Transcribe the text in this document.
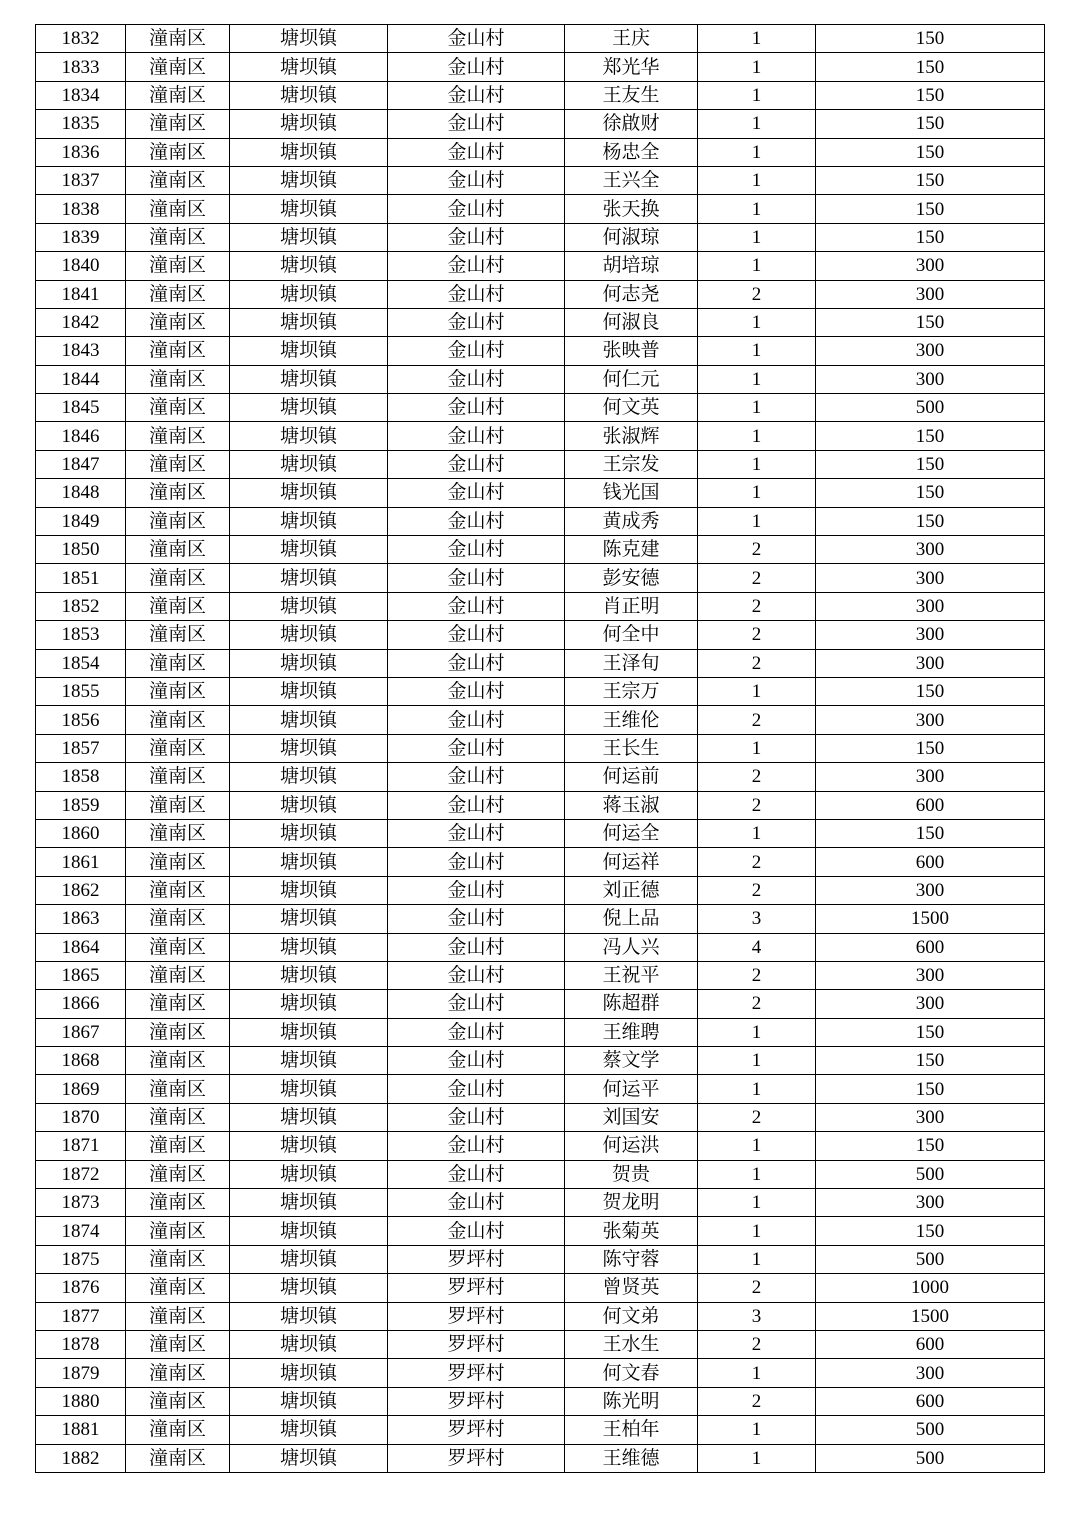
1832	潼南区	塘坝镇	金山村	王庆	1	150
1833	潼南区	塘坝镇	金山村	郑光华	1	150
1834	潼南区	塘坝镇	金山村	王友生	1	150
1835	潼南区	塘坝镇	金山村	徐啟财	1	150
1836	潼南区	塘坝镇	金山村	杨忠全	1	150
1837	潼南区	塘坝镇	金山村	王兴全	1	150
1838	潼南区	塘坝镇	金山村	张天换	1	150
1839	潼南区	塘坝镇	金山村	何淑琼	1	150
1840	潼南区	塘坝镇	金山村	胡培琼	1	300
1841	潼南区	塘坝镇	金山村	何志尧	2	300
1842	潼南区	塘坝镇	金山村	何淑良	1	150
1843	潼南区	塘坝镇	金山村	张映普	1	300
1844	潼南区	塘坝镇	金山村	何仁元	1	300
1845	潼南区	塘坝镇	金山村	何文英	1	500
1846	潼南区	塘坝镇	金山村	张淑辉	1	150
1847	潼南区	塘坝镇	金山村	王宗发	1	150
1848	潼南区	塘坝镇	金山村	钱光国	1	150
1849	潼南区	塘坝镇	金山村	黄成秀	1	150
1850	潼南区	塘坝镇	金山村	陈克建	2	300
1851	潼南区	塘坝镇	金山村	彭安德	2	300
1852	潼南区	塘坝镇	金山村	肖正明	2	300
1853	潼南区	塘坝镇	金山村	何全中	2	300
1854	潼南区	塘坝镇	金山村	王泽旬	2	300
1855	潼南区	塘坝镇	金山村	王宗万	1	150
1856	潼南区	塘坝镇	金山村	王维伦	2	300
1857	潼南区	塘坝镇	金山村	王长生	1	150
1858	潼南区	塘坝镇	金山村	何运前	2	300
1859	潼南区	塘坝镇	金山村	蒋玉淑	2	600
1860	潼南区	塘坝镇	金山村	何运全	1	150
1861	潼南区	塘坝镇	金山村	何运祥	2	600
1862	潼南区	塘坝镇	金山村	刘正德	2	300
1863	潼南区	塘坝镇	金山村	倪上品	3	1500
1864	潼南区	塘坝镇	金山村	冯人兴	4	600
1865	潼南区	塘坝镇	金山村	王祝平	2	300
1866	潼南区	塘坝镇	金山村	陈超群	2	300
1867	潼南区	塘坝镇	金山村	王维聘	1	150
1868	潼南区	塘坝镇	金山村	蔡文学	1	150
1869	潼南区	塘坝镇	金山村	何运平	1	150
1870	潼南区	塘坝镇	金山村	刘国安	2	300
1871	潼南区	塘坝镇	金山村	何运洪	1	150
1872	潼南区	塘坝镇	金山村	贺贵	1	500
1873	潼南区	塘坝镇	金山村	贺龙明	1	300
1874	潼南区	塘坝镇	金山村	张菊英	1	150
1875	潼南区	塘坝镇	罗坪村	陈守蓉	1	500
1876	潼南区	塘坝镇	罗坪村	曾贤英	2	1000
1877	潼南区	塘坝镇	罗坪村	何文弟	3	1500
1878	潼南区	塘坝镇	罗坪村	王水生	2	600
1879	潼南区	塘坝镇	罗坪村	何文春	1	300
1880	潼南区	塘坝镇	罗坪村	陈光明	2	600
1881	潼南区	塘坝镇	罗坪村	王柏年	1	500
1882	潼南区	塘坝镇	罗坪村	王维德	1	500
